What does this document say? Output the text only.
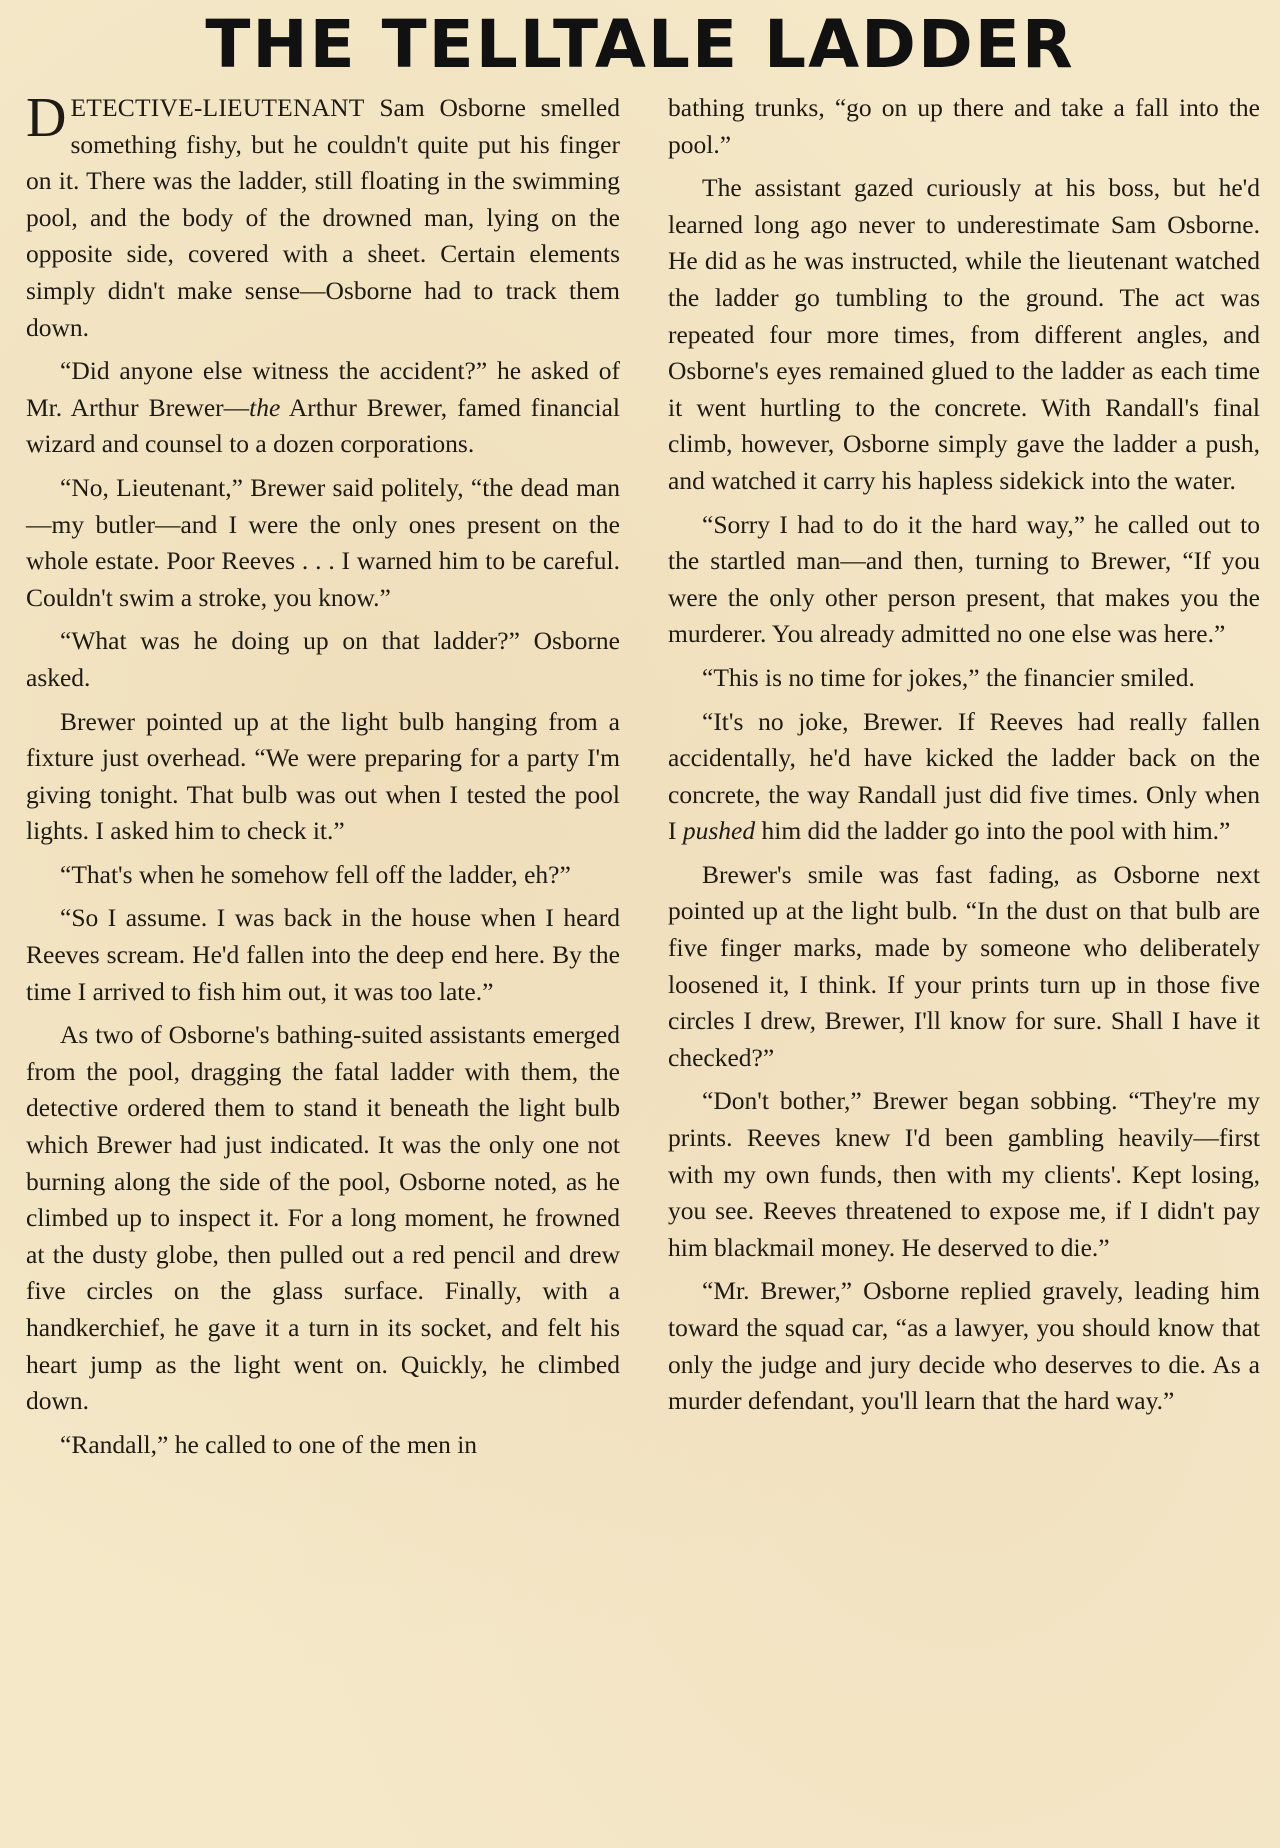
THE TELLTALE LADDER

DETECTIVE-LIEUTENANT Sam Osborne smelled something fishy, but he couldn't quite put his finger on it. There was the ladder, still floating in the swimming pool, and the body of the drowned man, lying on the opposite side, covered with a sheet. Certain elements simply didn't make sense—Osborne had to track them down.

“Did anyone else witness the accident?” he asked of Mr. Arthur Brewer—the Arthur Brewer, famed financial wizard and counsel to a dozen corporations.

“No, Lieutenant,” Brewer said politely, “the dead man—my butler—and I were the only ones present on the whole estate. Poor Reeves . . . I warned him to be careful. Couldn't swim a stroke, you know.”

“What was he doing up on that ladder?” Osborne asked.

Brewer pointed up at the light bulb hanging from a fixture just overhead. “We were preparing for a party I'm giving tonight. That bulb was out when I tested the pool lights. I asked him to check it.”

“That's when he somehow fell off the ladder, eh?”

“So I assume. I was back in the house when I heard Reeves scream. He'd fallen into the deep end here. By the time I arrived to fish him out, it was too late.”

As two of Osborne's bathing-suited assistants emerged from the pool, dragging the fatal ladder with them, the detective ordered them to stand it beneath the light bulb which Brewer had just indicated. It was the only one not burning along the side of the pool, Osborne noted, as he climbed up to inspect it. For a long moment, he frowned at the dusty globe, then pulled out a red pencil and drew five circles on the glass surface. Finally, with a handkerchief, he gave it a turn in its socket, and felt his heart jump as the light went on. Quickly, he climbed down.

“Randall,” he called to one of the men in

bathing trunks, “go on up there and take a fall into the pool.”

The assistant gazed curiously at his boss, but he'd learned long ago never to underestimate Sam Osborne. He did as he was instructed, while the lieutenant watched the ladder go tumbling to the ground. The act was repeated four more times, from different angles, and Osborne's eyes remained glued to the ladder as each time it went hurtling to the concrete. With Randall's final climb, however, Osborne simply gave the ladder a push, and watched it carry his hapless sidekick into the water.

“Sorry I had to do it the hard way,” he called out to the startled man—and then, turning to Brewer, “If you were the only other person present, that makes you the murderer. You already admitted no one else was here.”

“This is no time for jokes,” the financier smiled.

“It's no joke, Brewer. If Reeves had really fallen accidentally, he'd have kicked the ladder back on the concrete, the way Randall just did five times. Only when I pushed him did the ladder go into the pool with him.”

Brewer's smile was fast fading, as Osborne next pointed up at the light bulb. “In the dust on that bulb are five finger marks, made by someone who deliberately loosened it, I think. If your prints turn up in those five circles I drew, Brewer, I'll know for sure. Shall I have it checked?”

“Don't bother,” Brewer began sobbing. “They're my prints. Reeves knew I'd been gambling heavily—first with my own funds, then with my clients'. Kept losing, you see. Reeves threatened to expose me, if I didn't pay him blackmail money. He deserved to die.”

“Mr. Brewer,” Osborne replied gravely, leading him toward the squad car, “as a lawyer, you should know that only the judge and jury decide who deserves to die. As a murder defendant, you'll learn that the hard way.”
